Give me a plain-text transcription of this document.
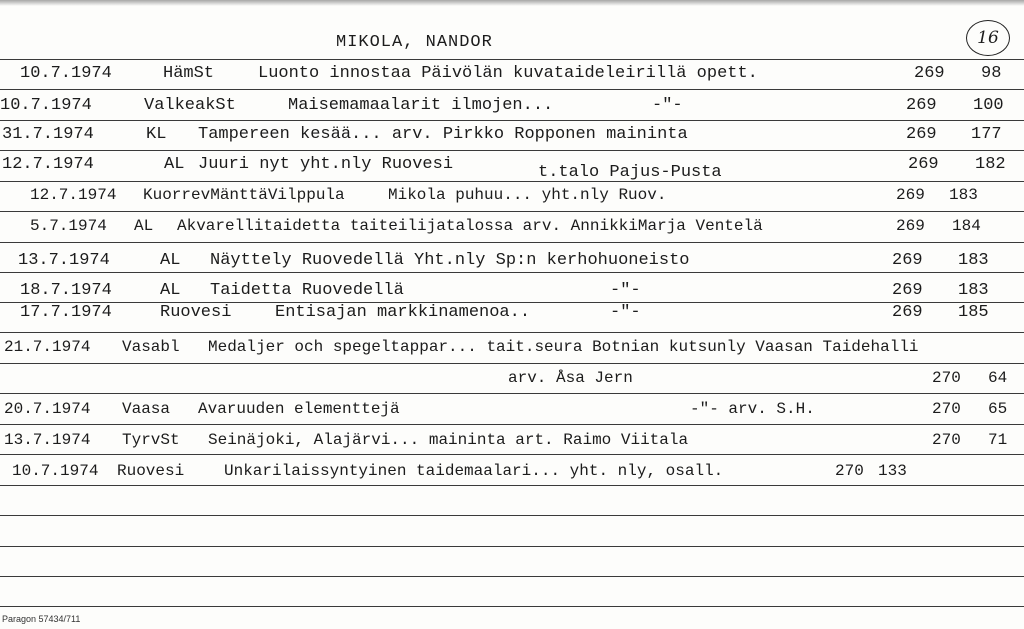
MIKOLA, NANDOR	16
10.7.1974	HämSt	Luonto innostaa Päivölän kuvataideleirillä opett.	269 98
10.7.1974	ValkeakSt	Maisemamaalarit ilmojen...	-"-	269 100
31.7.1974	KL Tampereen kesää... arv. Pirkko Ropponen maininta	269 177
12.7.1974	AL Juuri nyt yht.nly Ruovesi	t.talo Pajus-Pusta	269 182
12.7.1974 KuorrevMänttäVilppula	Mikola puhuu... yht.nly Ruov.	269 183
5.7.1974 AL Akvarellitaidetta taiteilijatalossa arv. AnnikkiMarja Ventelä	269 184
13.7.1974	AL Näyttely Ruovedellä Yht.nly Sp:n kerhohuoneisto	269 183
18.7.1974	AL Taidetta Ruovedellä	-"-	269 183
17.7.1974	Ruovesi	Entisajan markkinamenoa..	-"-	269 185
21.7.1974 Vasabl Medaljer och spegeltappar... tait.seura Botnian kutsunly Vaasan Taidehalli
arv. Åsa Jern	270 64
20.7.1974 Vaasa Avaruuden elementtejä	-"- arv. S.H.	270 65
13.7.1974 TyrvSt Seinäjoki, Alajärvi... maininta art. Raimo Viitala	270 71
10.7.1974 Ruovesi Unkarilaissyntyinen taidemaalari... yht. nly, osall.	270 133
Paragon 57434/711
